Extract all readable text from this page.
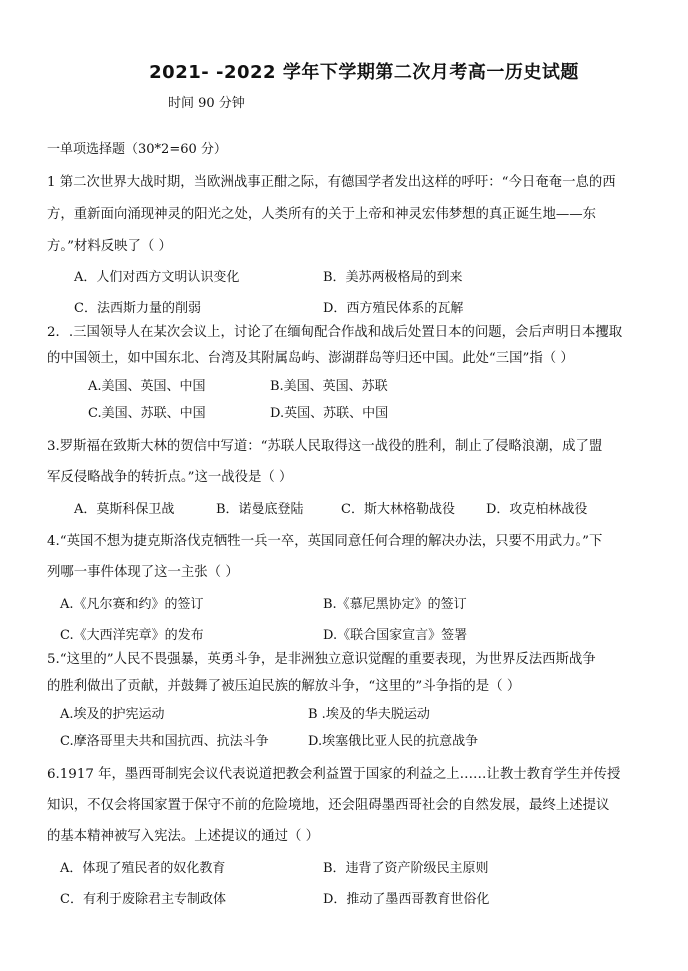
2021- -2022 学年下学期第二次月考高一历史试题
时间 90 分钟
一单项选择题（30*2=60 分）
1 第二次世界大战时期，当欧洲战事正酣之际，有德国学者发出这样的呼吁：“今日奄奄一息的西
方，重新面向涌现神灵的阳光之处，人类所有的关于上帝和神灵宏伟梦想的真正诞生地——东
方。”材料反映了（ ）
A．人们对西方文明认识变化	B．美苏两极格局的到来
C．法西斯力量的削弱	D．西方殖民体系的瓦解
2．.三国领导人在某次会议上，讨论了在缅甸配合作战和战后处置日本的问题，会后声明日本攫取
的中国领土，如中国东北、台湾及其附属岛屿、澎湖群岛等归还中国。此处“三国”指（ ）
A.美国、英国、中国	B.美国、英国、苏联
C.美国、苏联、中国	D.英国、苏联、中国
3.罗斯福在致斯大林的贺信中写道：“苏联人民取得这一战役的胜利，制止了侵略浪潮，成了盟
军反侵略战争的转折点。”这一战役是（ ）
A．莫斯科保卫战	B．诺曼底登陆	C．斯大林格勒战役 D．攻克柏林战役
4.“英国不想为捷克斯洛伐克牺牲一兵一卒，英国同意任何合理的解决办法，只要不用武力。”下
列哪一事件体现了这一主张（ ）
A.《凡尔赛和约》的签订	B.《慕尼黑协定》的签订
C.《大西洋宪章》的发布	D.《联合国家宣言》签署
5.“这里的”人民不畏强暴，英勇斗争，是非洲独立意识觉醒的重要表现，为世界反法西斯战争
的胜利做出了贡献，并鼓舞了被压迫民族的解放斗争，“这里的”斗争指的是（ ）
A.埃及的护宪运动	B .埃及的华夫脱运动
C.摩洛哥里夫共和国抗西、抗法斗争	D.埃塞俄比亚人民的抗意战争
6.1917 年，墨西哥制宪会议代表说道把教会利益置于国家的利益之上……让教士教育学生并传授
知识，不仅会将国家置于保守不前的危险境地，还会阻碍墨西哥社会的自然发展，最终上述提议
的基本精神被写入宪法。上述提议的通过（ ）
A．体现了殖民者的奴化教育	B．违背了资产阶级民主原则
C．有利于废除君主专制政体	D．推动了墨西哥教育世俗化
